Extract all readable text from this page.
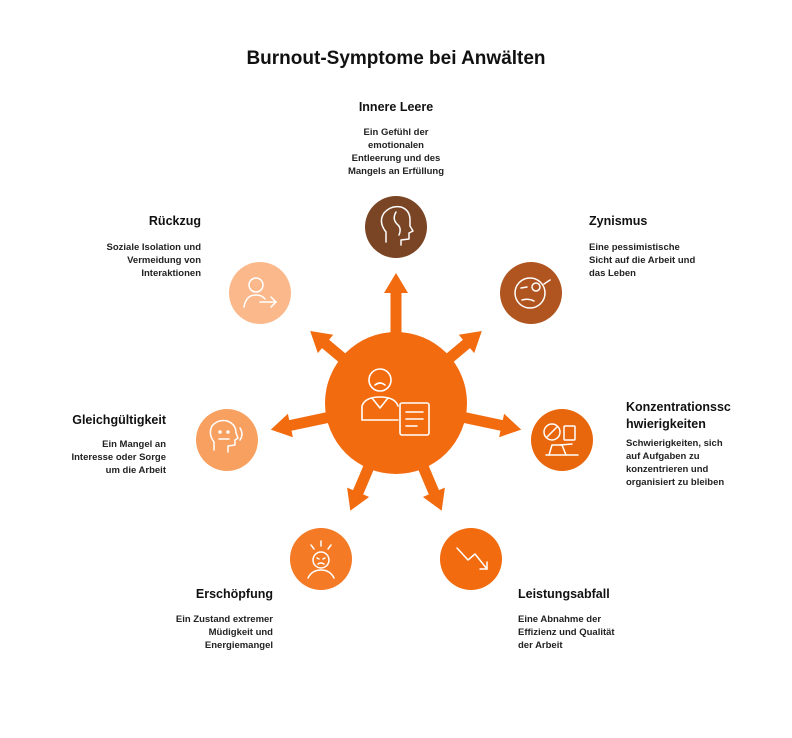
Burnout-Symptome bei Anwälten
Innere Leere
Ein Gefühl der
emotionalen
Entleerung und des
Mangels an Erfüllung
Zynismus
Eine pessimistische
Sicht auf die Arbeit und
das Leben
Konzentrationssc
hwierigkeiten
Schwierigkeiten, sich
auf Aufgaben zu
konzentrieren und
organisiert zu bleiben
Leistungsabfall
Eine Abnahme der
Effizienz und Qualität
der Arbeit
Erschöpfung
Ein Zustand extremer
Müdigkeit und
Energiemangel
Gleichgültigkeit
Ein Mangel an
Interesse oder Sorge
um die Arbeit
Rückzug
Soziale Isolation und
Vermeidung von
Interaktionen
